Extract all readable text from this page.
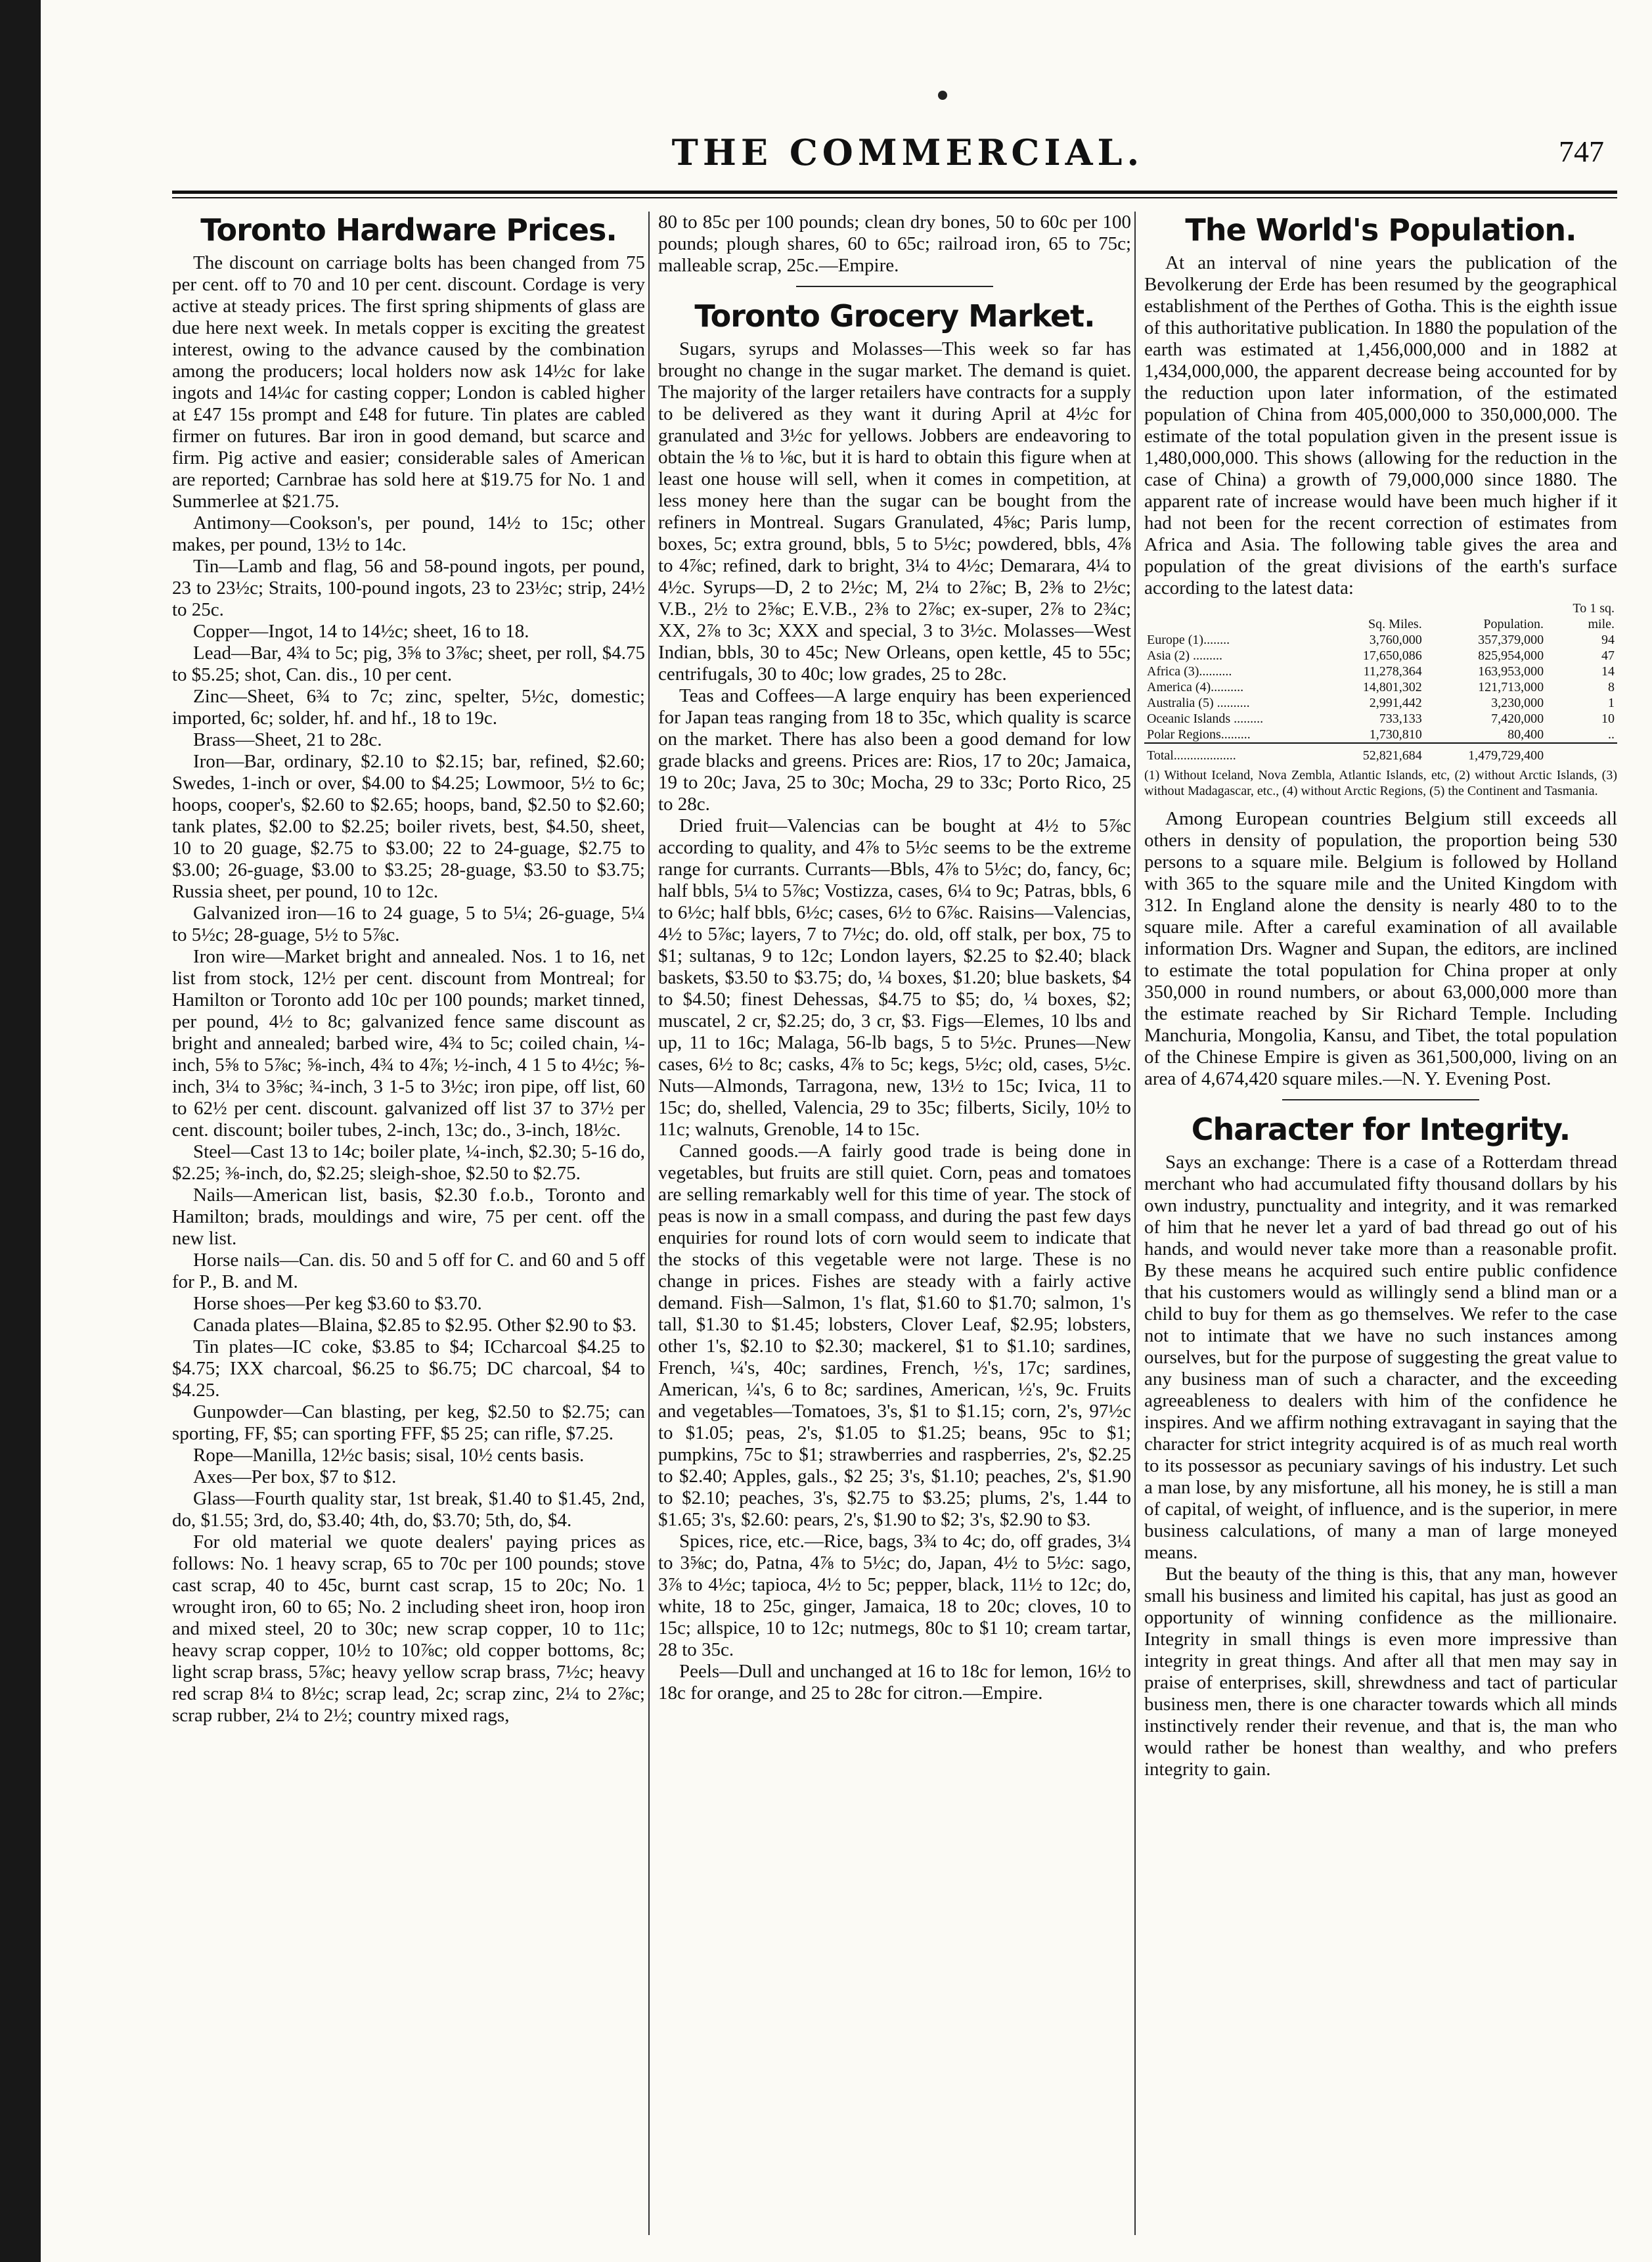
THE COMMERCIAL.	747
Toronto Hardware Prices.

The discount on carriage bolts has been changed from 75 per cent. off to 70 and 10 per cent. discount. Cordage is very active at steady prices. The first spring shipments of glass are due here next week. In metals copper is exciting the greatest interest, owing to the advance caused by the combination among the producers; local holders now ask 14½c for lake ingots and 14¼c for casting copper; London is cabled higher at £47 15s prompt and £48 for future. Tin plates are cabled firmer on futures. Bar iron in good demand, but scarce and firm. Pig active and easier; considerable sales of American are reported; Carnbrae has sold here at $19.75 for No. 1 and Summerlee at $21.75.

Antimony—Cookson's, per pound, 14½ to 15c; other makes, per pound, 13½ to 14c.

Tin—Lamb and flag, 56 and 58-pound ingots, per pound, 23 to 23½c; Straits, 100-pound ingots, 23 to 23½c; strip, 24½ to 25c.

Copper—Ingot, 14 to 14½c; sheet, 16 to 18.

Lead—Bar, 4¾ to 5c; pig, 3⅝ to 3⅞c; sheet, per roll, $4.75 to $5.25; shot, Can. dis., 10 per cent.

Zinc—Sheet, 6¾ to 7c; zinc, spelter, 5½c, domestic; imported, 6c; solder, hf. and hf., 18 to 19c.

Brass—Sheet, 21 to 28c.

Iron—Bar, ordinary, $2.10 to $2.15; bar, refined, $2.60; Swedes, 1-inch or over, $4.00 to $4.25; Lowmoor, 5½ to 6c; hoops, cooper's, $2.60 to $2.65; hoops, band, $2.50 to $2.60; tank plates, $2.00 to $2.25; boiler rivets, best, $4.50, sheet, 10 to 20 guage, $2.75 to $3.00; 22 to 24-guage, $2.75 to $3.00; 26-guage, $3.00 to $3.25; 28-guage, $3.50 to $3.75; Russia sheet, per pound, 10 to 12c.

Galvanized iron—16 to 24 guage, 5 to 5¼; 26-guage, 5¼ to 5½c; 28-guage, 5½ to 5⅞c.

Iron wire—Market bright and annealed. Nos. 1 to 16, net list from stock, 12½ per cent. discount from Montreal; for Hamilton or Toronto add 10c per 100 pounds; market tinned, per pound, 4½ to 8c; galvanized fence same discount as bright and annealed; barbed wire, 4¾ to 5c; coiled chain, ¼-inch, 5⅝ to 5⅞c; ⅝-inch, 4¾ to 4⅞; ½-inch, 4 1 5 to 4½c; ⅝-inch, 3¼ to 3⅝c; ¾-inch, 3 1-5 to 3½c; iron pipe, off list, 60 to 62½ per cent. discount. galvanized off list 37 to 37½ per cent. discount; boiler tubes, 2-inch, 13c; do., 3-inch, 18½c.

Steel—Cast 13 to 14c; boiler plate, ¼-inch, $2.30; 5-16 do, $2.25; ⅜-inch, do, $2.25; sleigh-shoe, $2.50 to $2.75.

Nails—American list, basis, $2.30 f.o.b., Toronto and Hamilton; brads, mouldings and wire, 75 per cent. off the new list.

Horse nails—Can. dis. 50 and 5 off for C. and 60 and 5 off for P., B. and M.

Horse shoes—Per keg $3.60 to $3.70.

Canada plates—Blaina, $2.85 to $2.95. Other $2.90 to $3.

Tin plates—IC coke, $3.85 to $4; ICcharcoal $4.25 to $4.75; IXX charcoal, $6.25 to $6.75; DC charcoal, $4 to $4.25.

Gunpowder—Can blasting, per keg, $2.50 to $2.75; can sporting, FF, $5; can sporting FFF, $5 25; can rifle, $7.25.

Rope—Manilla, 12½c basis; sisal, 10½ cents basis.

Axes—Per box, $7 to $12.

Glass—Fourth quality star, 1st break, $1.40 to $1.45, 2nd, do, $1.55; 3rd, do, $3.40; 4th, do, $3.70; 5th, do, $4.

For old material we quote dealers' paying prices as follows: No. 1 heavy scrap, 65 to 70c per 100 pounds; stove cast scrap, 40 to 45c, burnt cast scrap, 15 to 20c; No. 1 wrought iron, 60 to 65; No. 2 including sheet iron, hoop iron and mixed steel, 20 to 30c; new scrap copper, 10 to 11c; heavy scrap copper, 10½ to 10⅞c; old copper bottoms, 8c; light scrap brass, 5⅞c; heavy yellow scrap brass, 7½c; heavy red scrap 8¼ to 8½c; scrap lead, 2c; scrap zinc, 2¼ to 2⅞c; scrap rubber, 2¼ to 2½; country mixed rags,

80 to 85c per 100 pounds; clean dry bones, 50 to 60c per 100 pounds; plough shares, 60 to 65c; railroad iron, 65 to 75c; malleable scrap, 25c.—Empire.

Toronto Grocery Market.

Sugars, syrups and Molasses—This week so far has brought no change in the sugar market. The demand is quiet. The majority of the larger retailers have contracts for a supply to be delivered as they want it during April at 4½c for granulated and 3½c for yellows. Jobbers are endeavoring to obtain the ⅛ to ⅛c, but it is hard to obtain this figure when at least one house will sell, when it comes in competition, at less money here than the sugar can be bought from the refiners in Montreal. Sugars Granulated, 4⅝c; Paris lump, boxes, 5c; extra ground, bbls, 5 to 5½c; powdered, bbls, 4⅞ to 4⅞c; refined, dark to bright, 3¼ to 4½c; Demarara, 4¼ to 4½c. Syrups—D, 2 to 2½c; M, 2¼ to 2⅞c; B, 2⅜ to 2½c; V.B., 2½ to 2⅝c; E.V.B., 2⅜ to 2⅞c; ex-super, 2⅞ to 2¾c; XX, 2⅞ to 3c; XXX and special, 3 to 3½c. Molasses—West Indian, bbls, 30 to 45c; New Orleans, open kettle, 45 to 55c; centrifugals, 30 to 40c; low grades, 25 to 28c.

Teas and Coffees—A large enquiry has been experienced for Japan teas ranging from 18 to 35c, which quality is scarce on the market. There has also been a good demand for low grade blacks and greens. Prices are: Rios, 17 to 20c; Jamaica, 19 to 20c; Java, 25 to 30c; Mocha, 29 to 33c; Porto Rico, 25 to 28c.

Dried fruit—Valencias can be bought at 4½ to 5⅞c according to quality, and 4⅞ to 5½c seems to be the extreme range for currants. Currants—Bbls, 4⅞ to 5½c; do, fancy, 6c; half bbls, 5¼ to 5⅞c; Vostizza, cases, 6¼ to 9c; Patras, bbls, 6 to 6½c; half bbls, 6½c; cases, 6½ to 6⅞c. Raisins—Valencias, 4½ to 5⅞c; layers, 7 to 7½c; do. old, off stalk, per box, 75 to $1; sultanas, 9 to 12c; London layers, $2.25 to $2.40; black baskets, $3.50 to $3.75; do, ¼ boxes, $1.20; blue baskets, $4 to $4.50; finest Dehessas, $4.75 to $5; do, ¼ boxes, $2; muscatel, 2 cr, $2.25; do, 3 cr, $3. Figs—Elemes, 10 lbs and up, 11 to 16c; Malaga, 56-lb bags, 5 to 5½c. Prunes—New cases, 6½ to 8c; casks, 4⅞ to 5c; kegs, 5½c; old, cases, 5½c. Nuts—Almonds, Tarragona, new, 13½ to 15c; Ivica, 11 to 15c; do, shelled, Valencia, 29 to 35c; filberts, Sicily, 10½ to 11c; walnuts, Grenoble, 14 to 15c.

Canned goods.—A fairly good trade is being done in vegetables, but fruits are still quiet. Corn, peas and tomatoes are selling remarkably well for this time of year. The stock of peas is now in a small compass, and during the past few days enquiries for round lots of corn would seem to indicate that the stocks of this vegetable were not large. These is no change in prices. Fishes are steady with a fairly active demand. Fish—Salmon, 1's flat, $1.60 to $1.70; salmon, 1's tall, $1.30 to $1.45; lobsters, Clover Leaf, $2.95; lobsters, other 1's, $2.10 to $2.30; mackerel, $1 to $1.10; sardines, French, ¼'s, 40c; sardines, French, ½'s, 17c; sardines, American, ¼'s, 6 to 8c; sardines, American, ½'s, 9c. Fruits and vegetables—Tomatoes, 3's, $1 to $1.15; corn, 2's, 97½c to $1.05; peas, 2's, $1.05 to $1.25; beans, 95c to $1; pumpkins, 75c to $1; strawberries and raspberries, 2's, $2.25 to $2.40; Apples, gals., $2 25; 3's, $1.10; peaches, 2's, $1.90 to $2.10; peaches, 3's, $2.75 to $3.25; plums, 2's, 1.44 to $1.65; 3's, $2.60: pears, 2's, $1.90 to $2; 3's, $2.90 to $3.

Spices, rice, etc.—Rice, bags, 3¾ to 4c; do, off grades, 3¼ to 3⅝c; do, Patna, 4⅞ to 5½c; do, Japan, 4½ to 5½c: sago, 3⅞ to 4½c; tapioca, 4½ to 5c; pepper, black, 11½ to 12c; do, white, 18 to 25c, ginger, Jamaica, 18 to 20c; cloves, 10 to 15c; allspice, 10 to 12c; nutmegs, 80c to $1 10; cream tartar, 28 to 35c.

Peels—Dull and unchanged at 16 to 18c for lemon, 16½ to 18c for orange, and 25 to 28c for citron.—Empire.

The World's Population.

At an interval of nine years the publication of the Bevolkerung der Erde has been resumed by the geographical establishment of the Perthes of Gotha. This is the eighth issue of this authoritative publication. In 1880 the population of the earth was estimated at 1,456,000,000 and in 1882 at 1,434,000,000, the apparent decrease being accounted for by the reduction upon later information, of the estimated population of China from 405,000,000 to 350,000,000. The estimate of the total population given in the present issue is 1,480,000,000. This shows (allowing for the reduction in the case of China) a growth of 79,000,000 since 1880. The apparent rate of increase would have been much higher if it had not been for the recent correction of estimates from Africa and Asia. The following table gives the area and population of the great divisions of the earth's surface according to the latest data:

			To 1 sq.
	Sq. Miles.	Population.	mile.
Europe (1)........	3,760,000	357,379,000	94
Asia (2) .........	17,650,086	825,954,000	47
Africa (3)..........	11,278,364	163,953,000	14
America (4)..........	14,801,302	121,713,000	8
Australia (5) ..........	2,991,442	3,230,000	1
Oceanic Islands .........	733,133	7,420,000	10
Polar Regions.........	1,730,810	80,400	..
Total...................	52,821,684	1,479,729,400	
(1) Without Iceland, Nova Zembla, Atlantic Islands, etc, (2) without Arctic Islands, (3) without Madagascar, etc., (4) without Arctic Regions, (5) the Continent and Tasmania.

Among European countries Belgium still exceeds all others in density of population, the proportion being 530 persons to a square mile. Belgium is followed by Holland with 365 to the square mile and the United Kingdom with 312. In England alone the density is nearly 480 to to the square mile. After a careful examination of all available information Drs. Wagner and Supan, the editors, are inclined to estimate the total population for China proper at only 350,000 in round numbers, or about 63,000,000 more than the estimate reached by Sir Richard Temple. Including Manchuria, Mongolia, Kansu, and Tibet, the total population of the Chinese Empire is given as 361,500,000, living on an area of 4,674,420 square miles.—N. Y. Evening Post.

Character for Integrity.

Says an exchange: There is a case of a Rotterdam thread merchant who had accumulated fifty thousand dollars by his own industry, punctuality and integrity, and it was remarked of him that he never let a yard of bad thread go out of his hands, and would never take more than a reasonable profit. By these means he acquired such entire public confidence that his customers would as willingly send a blind man or a child to buy for them as go themselves. We refer to the case not to intimate that we have no such instances among ourselves, but for the purpose of suggesting the great value to any business man of such a character, and the exceeding agreeableness to dealers with him of the confidence he inspires. And we affirm nothing extravagant in saying that the character for strict integrity acquired is of as much real worth to its possessor as pecuniary savings of his industry. Let such a man lose, by any misfortune, all his money, he is still a man of capital, of weight, of influence, and is the superior, in mere business calculations, of many a man of large moneyed means.

But the beauty of the thing is this, that any man, however small his business and limited his capital, has just as good an opportunity of winning confidence as the millionaire. Integrity in small things is even more impressive than integrity in great things. And after all that men may say in praise of enterprises, skill, shrewdness and tact of particular business men, there is one character towards which all minds instinctively render their revenue, and that is, the man who would rather be honest than wealthy, and who prefers integrity to gain.
